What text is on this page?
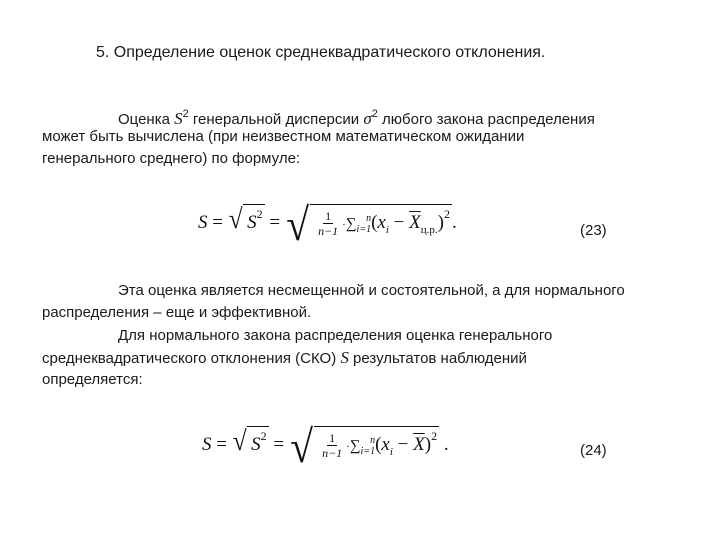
5. Определение оценок среднеквадратического отклонения.

Оценка $S^2$ генеральной дисперсии $\sigma^2$ любого закона распределения

может быть вычислена (при неизвестном математическом ожидании

генерального среднего) по формуле:

S = √ $S^2$ = √ $\frac{1}{n-1} \cdot\sum_{i=1}^n(x_i - \overline{X}_{ц.р.})^2$ .	(23)

Эта оценка является несмещенной и состоятельной, а для нормального

распределения – еще и эффективной.

Для нормального закона распределения оценка генерального

среднеквадратического отклонения (СКО) S результатов наблюдений

определяется:

S = √ $S^2$ = √ $\frac{1}{n-1} \cdot\sum_{i=1}^n(x_i - \overline{X})^2$ .	(24)
